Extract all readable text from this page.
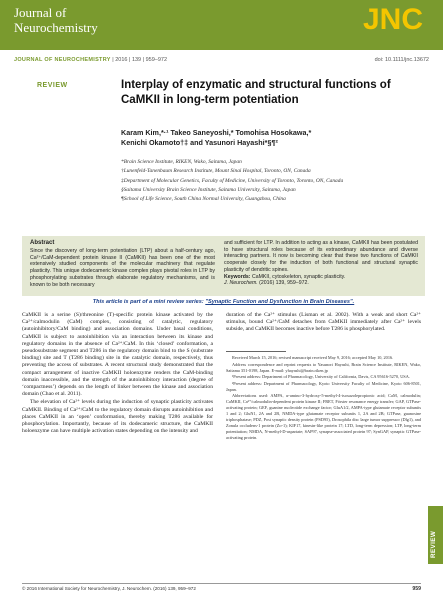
Journal of
Neurochemistry	JNC
JOURNAL OF NEUROCHEMISTRY | 2016 | 139 | 959–972	doi: 10.1111/jnc.13672
REVIEW	Interplay of enzymatic and structural functions of CaMKII in long-term potentiation
Karam Kim,*·¹ Takeo Saneyoshi,* Tomohisa Hosokawa,*
Kenichi Okamoto†‡ and Yasunori Hayashi*§¶²
*Brain Science Institute, RIKEN, Wako, Saitama, Japan
†Lunenfeld-Tanenbaum Research Institute, Mount Sinai Hospital, Toronto, ON, Canada
‡Department of Molecular Genetics, Faculty of Medicine, University of Toronto, Toronto, ON, Canada
§Saitama University Brain Science Institute, Saitama University, Saitama, Japan
¶School of Life Science, South China Normal University, Guangzhou, China
Abstract
Since the discovery of long-term potentiation (LTP) about a half-century ago, Ca²⁺/CaM-dependent protein kinase II (CaMKII) has been one of the most extensively studied components of the molecular machinery that regulate plasticity. This unique dodecameric kinase complex plays pivotal roles in LTP by phosphorylating substrates through elaborate regulatory mechanisms, and is known to be both necessary
and sufficient for LTP. In addition to acting as a kinase, CaMKII has been postulated to have structural roles because of its extraordinary abundance and diverse interacting partners. It now is becoming clear that these two functions of CaMKII cooperate closely for the induction of both functional and structural synaptic plasticity of dendritic spines.
Keywords: CaMKII, cytoskeleton, synaptic plasticity.
J. Neurochem. (2016) 139, 959–972.
This article is part of a mini review series: "Synaptic Function and Dysfunction in Brain Diseases".

CaMKII is a serine (S)/threonine (T)-specific protein kinase activated by the Ca²⁺/calmodulin (CaM) complex, consisting of catalytic, regulatory (autoinhibitory/CaM binding) and association domains. Under basal conditions, CaMKII is subject to autoinhibition via an interaction between its kinase and regulatory domains in the absence of Ca²⁺/CaM. In this ‘closed’ conformation, a pseudosubstrate segment and T286 in the regulatory domain bind to the S (substrate binding) site and T (T286 binding) site in the catalytic domain, respectively, thus preventing the access of substrates. A recent structural study demonstrated that the compact arrangement of inactive CaMKII holoenzyme renders the CaM-binding domain inaccessible, and the strength of the autoinhibitory interaction (degree of ‘compactness’) depends on the length of linker between the kinase and association domain (Chao et al. 2011).

The elevation of Ca²⁺ levels during the induction of synaptic plasticity activates CaMKII. Binding of Ca²⁺/CaM to the regulatory domain disrupts autoinhibition and places CaMKII in an ‘open’ conformation, thereby making T286 available for phosphorylation. Importantly, because of its dodecameric structure, the CaMKII holoenzyme can have multiple activation states depending on the intensity and

duration of the Ca²⁺ stimulus (Lisman et al. 2002). With a weak and short Ca²⁺ stimulus, bound Ca²⁺/CaM detaches from CaMKII immediately after Ca²⁺ levels subside, and CaMKII becomes inactive before T286 is phosphorylated.

Received March 15, 2016; revised manuscript received May 9, 2016; accepted May 10, 2016.

Address correspondence and reprint requests to Yasunori Hayashi, Brain Science Institute, RIKEN, Wako, Saitama 351-0198, Japan. E-mail: yhayashi@brain.riken.jp

¹Present address: Department of Pharmacology, University of California, Davis, CA 95616-5270, USA.

²Present address: Department of Pharmacology, Kyoto University Faculty of Medicine, Kyoto 606-8501, Japan.

Abbreviations used: AMPA, α-amino-3-hydroxy-5-methyl-4-isoxazolepropionic acid; CaM, calmodulin; CaMKII, Ca²⁺/calmodulin-dependent protein kinase II; FRET, Förster resonance energy transfer; GAP, GTPase-activating protein; GEF, guanine nucleotide exchange factor; GluA1/2, AMPA-type glutamate receptor subunits 1 and 2; GluN1, 2A and 2B, NMDA-type glutamate receptor subunits 1, 2A and 2B; GTPase, guanosine triphosphatase; PDZ, Post synaptic density protein (PSD95), Drosophila disc large tumor suppressor (Dlg1), and Zonula occludens-1 protein (Zo-1); KIF17, kinesin-like protein 17; LTD, long-term depression; LTP, long-term potentiation; NMDA, N-methyl-D-aspartate; SAP97, synapse-associated protein 97; SynGAP, synaptic GTPase-activating protein.

REVIEW
© 2016 International Society for Neurochemistry, J. Neurochem. (2016) 139, 959–972	959
